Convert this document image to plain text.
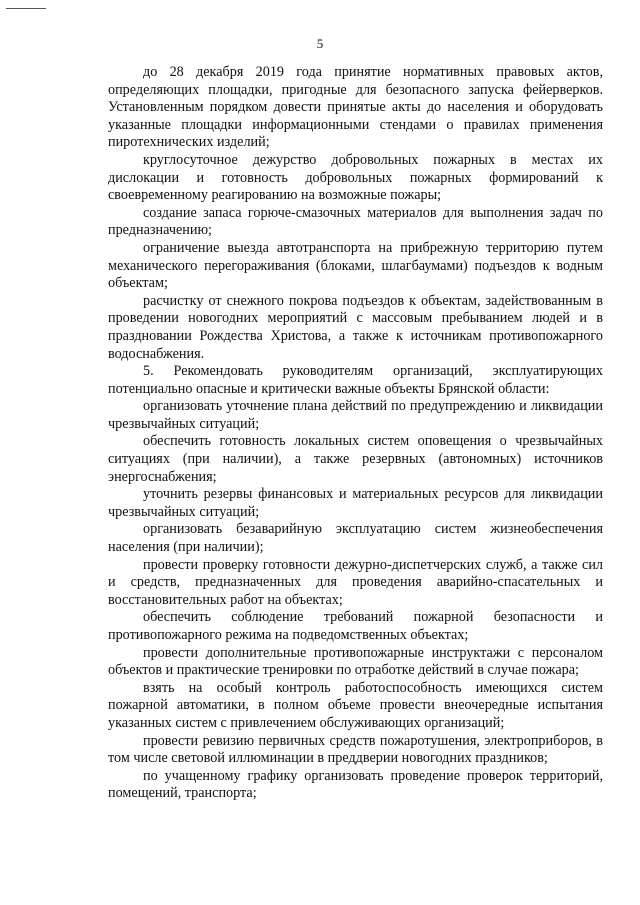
5

до 28 декабря 2019 года принятие нормативных правовых актов, определяющих площадки, пригодные для безопасного запуска фейерверков. Установленным порядком довести принятые акты до населения и оборудовать указанные площадки информационными стендами о правилах применения пиротехнических изделий;

круглосуточное дежурство добровольных пожарных в местах их дислокации и готовность добровольных пожарных формирований к своевременному реагированию на возможные пожары;

создание запаса горюче-смазочных материалов для выполнения задач по предназначению;

ограничение выезда автотранспорта на прибрежную территорию путем механического перегораживания (блоками, шлагбаумами) подъездов к водным объектам;

расчистку от снежного покрова подъездов к объектам, задействованным в проведении новогодних мероприятий с массовым пребыванием людей и в праздновании Рождества Христова, а также к источникам противопожарного водоснабжения.

5. Рекомендовать руководителям организаций, эксплуатирующих потенциально опасные и критически важные объекты Брянской области:

организовать уточнение плана действий по предупреждению и ликвидации чрезвычайных ситуаций;

обеспечить готовность локальных систем оповещения о чрезвычайных ситуациях (при наличии), а также резервных (автономных) источников энергоснабжения;

уточнить резервы финансовых и материальных ресурсов для ликвидации чрезвычайных ситуаций;

организовать безаварийную эксплуатацию систем жизнеобеспечения населения (при наличии);

провести проверку готовности дежурно-диспетчерских служб, а также сил и средств, предназначенных для проведения аварийно-спасательных и восстановительных работ на объектах;

обеспечить соблюдение требований пожарной безопасности и противопожарного режима на подведомственных объектах;

провести дополнительные противопожарные инструктажи с персоналом объектов и практические тренировки по отработке действий в случае пожара;

взять на особый контроль работоспособность имеющихся систем пожарной автоматики, в полном объеме провести внеочередные испытания указанных систем с привлечением обслуживающих организаций;

провести ревизию первичных средств пожаротушения, электроприборов, в том числе световой иллюминации в преддверии новогодних праздников;

по учащенному графику организовать проведение проверок территорий, помещений, транспорта;
